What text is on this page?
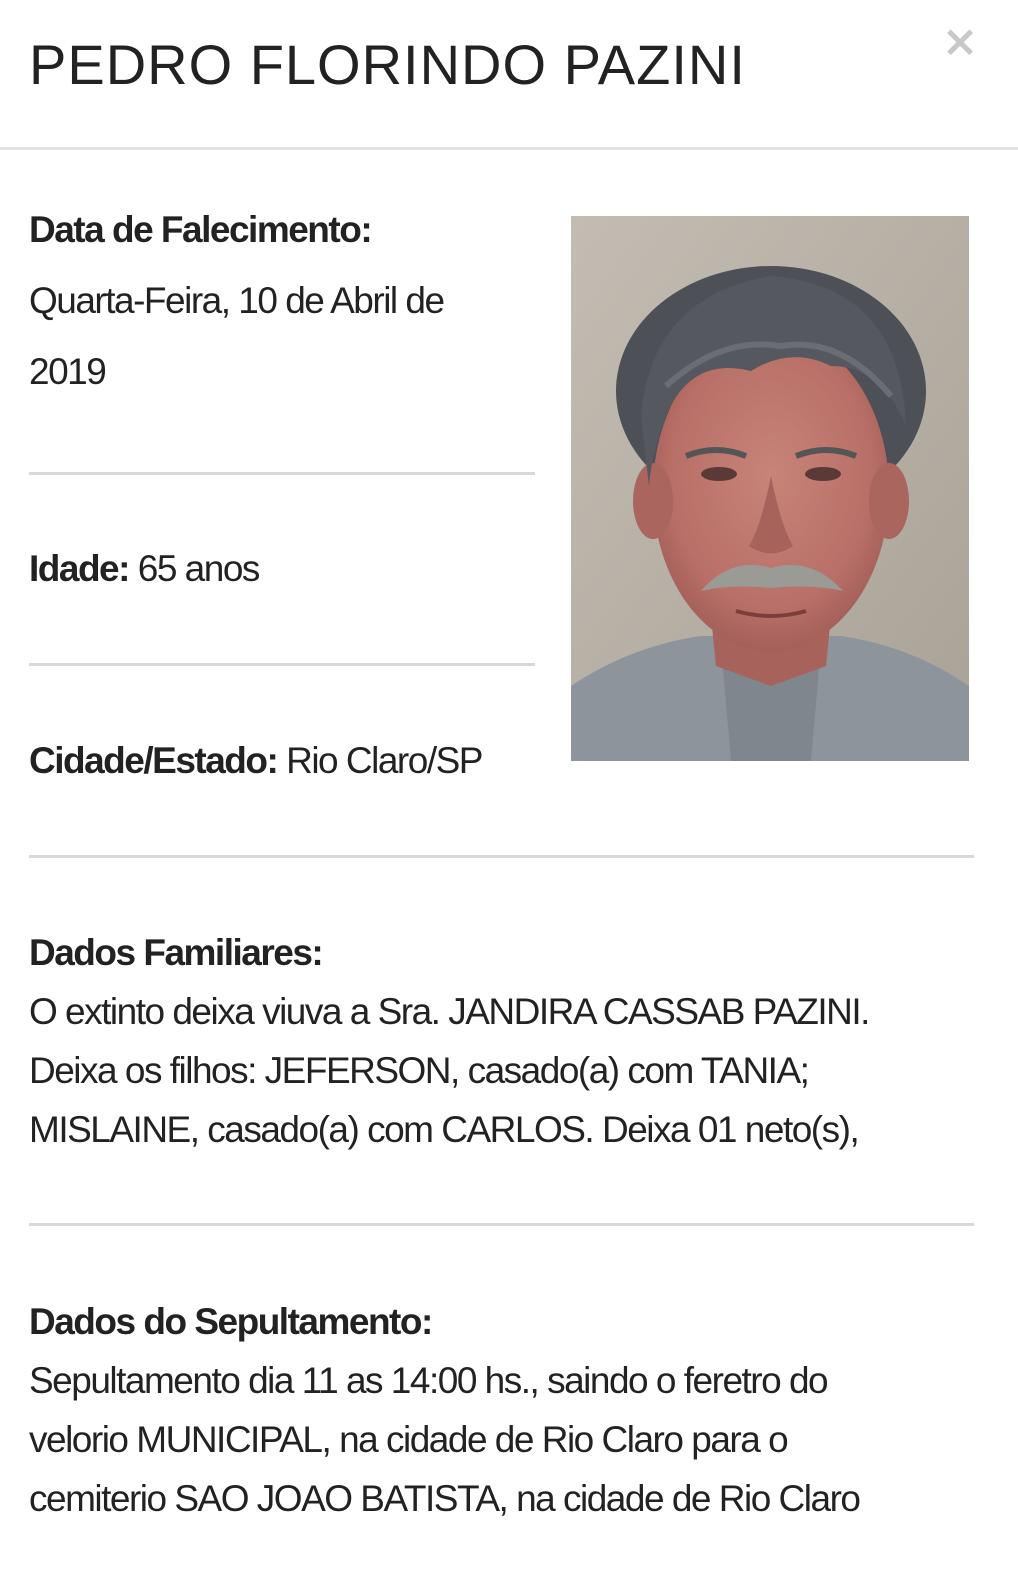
PEDRO FLORINDO PAZINI	×
Data de Falecimento:
Quarta-Feira, 10 de Abril de
2019
Idade: 65 anos
Cidade/Estado: Rio Claro/SP
Dados Familiares:
O extinto deixa viuva a Sra. JANDIRA CASSAB PAZINI.
Deixa os filhos: JEFERSON, casado(a) com TANIA;
MISLAINE, casado(a) com CARLOS. Deixa 01 neto(s),
Dados do Sepultamento:
Sepultamento dia 11 as 14:00 hs., saindo o feretro do
velorio MUNICIPAL, na cidade de Rio Claro para o
cemiterio SAO JOAO BATISTA, na cidade de Rio Claro
